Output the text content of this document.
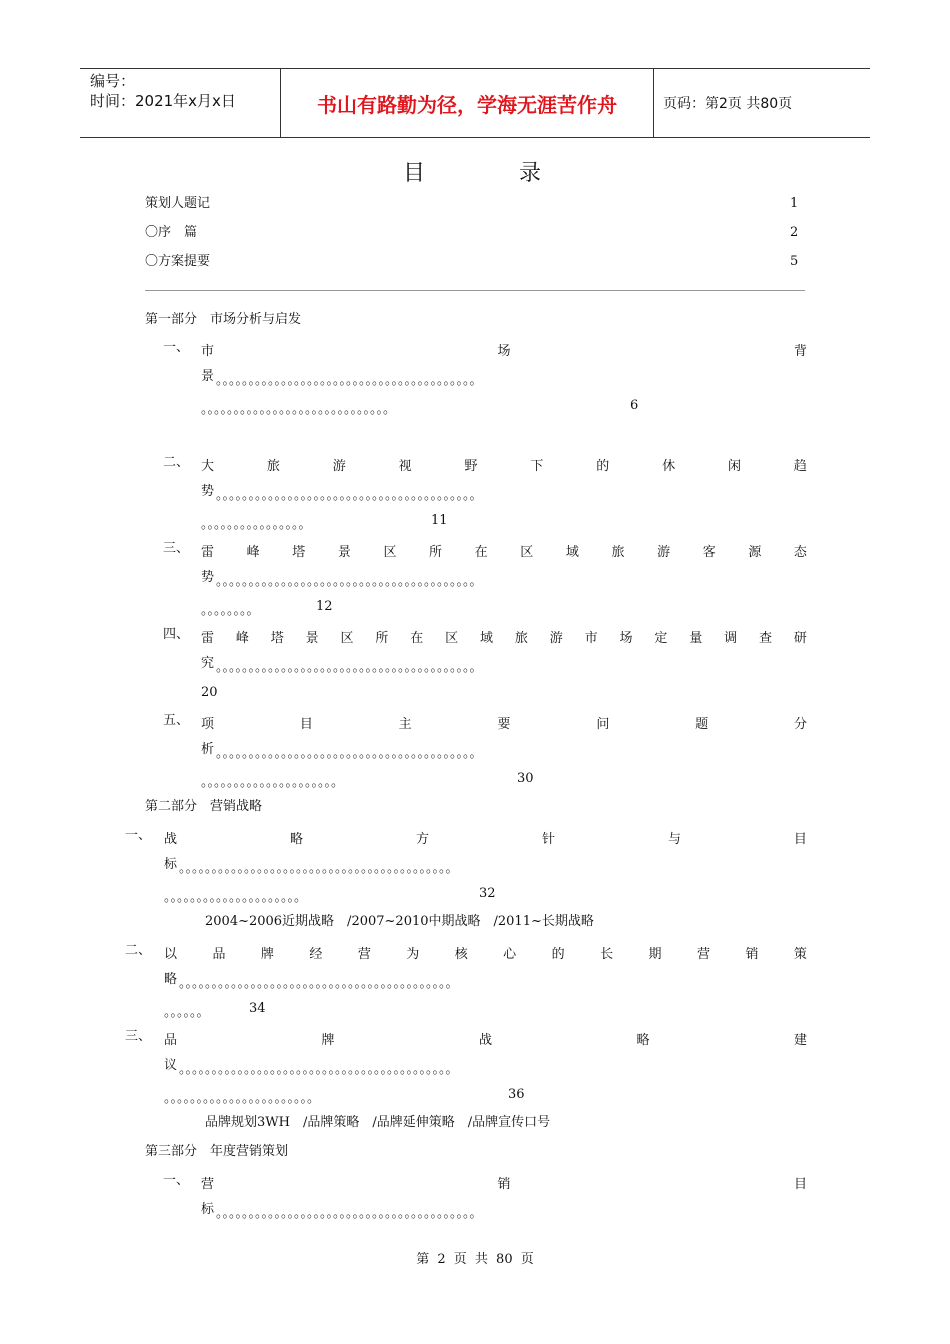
编号：
时间：2021年x月x日	书山有路勤为径，学海无涯苦作舟	页码：第2页 共80页
目	录
策划人题记	1
〇序　篇	2
〇方案提要	5
第一部分　市场分析与启发
一、 市	场	背
景 。。。。。。。。。。。。。。。。。。。。。。。。。。。。。。。。。。。。。。。。
。。。。。。。。。。。。。。。。。。。。。。。。。。。。。	6
二、 大	旅	游	视	野	下	的	休	闲	趋
势 。。。。。。。。。。。。。。。。。。。。。。。。。。。。。。。。。。。。。。。。
。。。。。。。。。。。。。。。。	11
三、 雷	峰	塔	景	区	所	在	区	域	旅	游	客	源	态
势 。。。。。。。。。。。。。。。。。。。。。。。。。。。。。。。。。。。。。。。。
。。。。。。。。	12
四、 雷 峰 塔 景 区 所 在 区 域 旅 游 市 场 定 量 调 查 研
究 。。。。。。。。。。。。。。。。。。。。。。。。。。。。。。。。。。。。。。。。
20
五、 项	目	主	要	问	题	分
析 。。。。。。。。。。。。。。。。。。。。。。。。。。。。。。。。。。。。。。。。
。。。。。。。。。。。。。。。。。。。。。	30
第二部分　营销战略
一、 战	略	方	针	与	目
标 。。。。。。。。。。。。。。。。。。。。。。。。。。。。。。。。。。。。。。。。。。
。。。。。。。。。。。。。。。。。。。。。	32
2004~2006近期战略　/2007~2010中期战略　/2011~长期战略
二、 以	品	牌	经	营	为	核	心	的	长	期	营	销	策
略 。。。。。。。。。。。。。。。。。。。。。。。。。。。。。。。。。。。。。。。。。。
。。。。。。	34
三、 品	牌	战	略	建
议 。。。。。。。。。。。。。。。。。。。。。。。。。。。。。。。。。。。。。。。。。。
。。。。。。。。。。。。。。。。。。。。。。。	36
品牌规划3WH　/品牌策略　/品牌延伸策略　/品牌宣传口号
第三部分　年度营销策划
一、 营	销	目
标 。。。。。。。。。。。。。。。。。。。。。。。。。。。。。。。。。。。。。。。。
第 2 页 共 80 页
